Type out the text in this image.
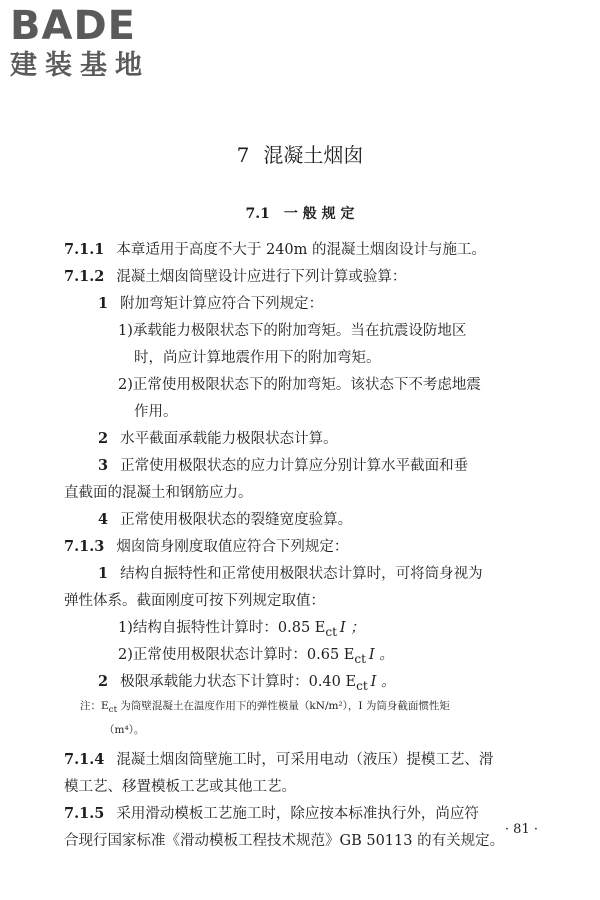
BADE
建装基地
7 混凝土烟囱
7.1 一 般 规 定
7.1.1 本章适用于高度不大于 240m 的混凝土烟囱设计与施工。
7.1.2 混凝土烟囱筒壁设计应进行下列计算或验算：
1 附加弯矩计算应符合下列规定：
1)承载能力极限状态下的附加弯矩。当在抗震设防地区
时，尚应计算地震作用下的附加弯矩。
2)正常使用极限状态下的附加弯矩。该状态下不考虑地震
作用。
2 水平截面承载能力极限状态计算。
3 正常使用极限状态的应力计算应分别计算水平截面和垂
直截面的混凝土和钢筋应力。
4 正常使用极限状态的裂缝宽度验算。
7.1.3 烟囱筒身刚度取值应符合下列规定：
1 结构自振特性和正常使用极限状态计算时，可将筒身视为
弹性体系。截面刚度可按下列规定取值：
1)结构自振特性计算时：0.85 $E_{ct}$  I ；
2)正常使用极限状态计算时：0.65 $E_{ct}$  I 。
2 极限承载能力状态下计算时：0.40 $E_{ct}$  I 。
注：$E_{ct}$ 为筒壁混凝土在温度作用下的弹性模量（kN/m²），I 为筒身截面惯性矩
（m⁴）。
7.1.4 混凝土烟囱筒壁施工时，可采用电动（液压）提模工艺、滑
模工艺、移置模板工艺或其他工艺。
7.1.5 采用滑动模板工艺施工时，除应按本标准执行外，尚应符
合现行国家标准《滑动模板工程技术规范》GB 50113 的有关规定。
· 81 ·
